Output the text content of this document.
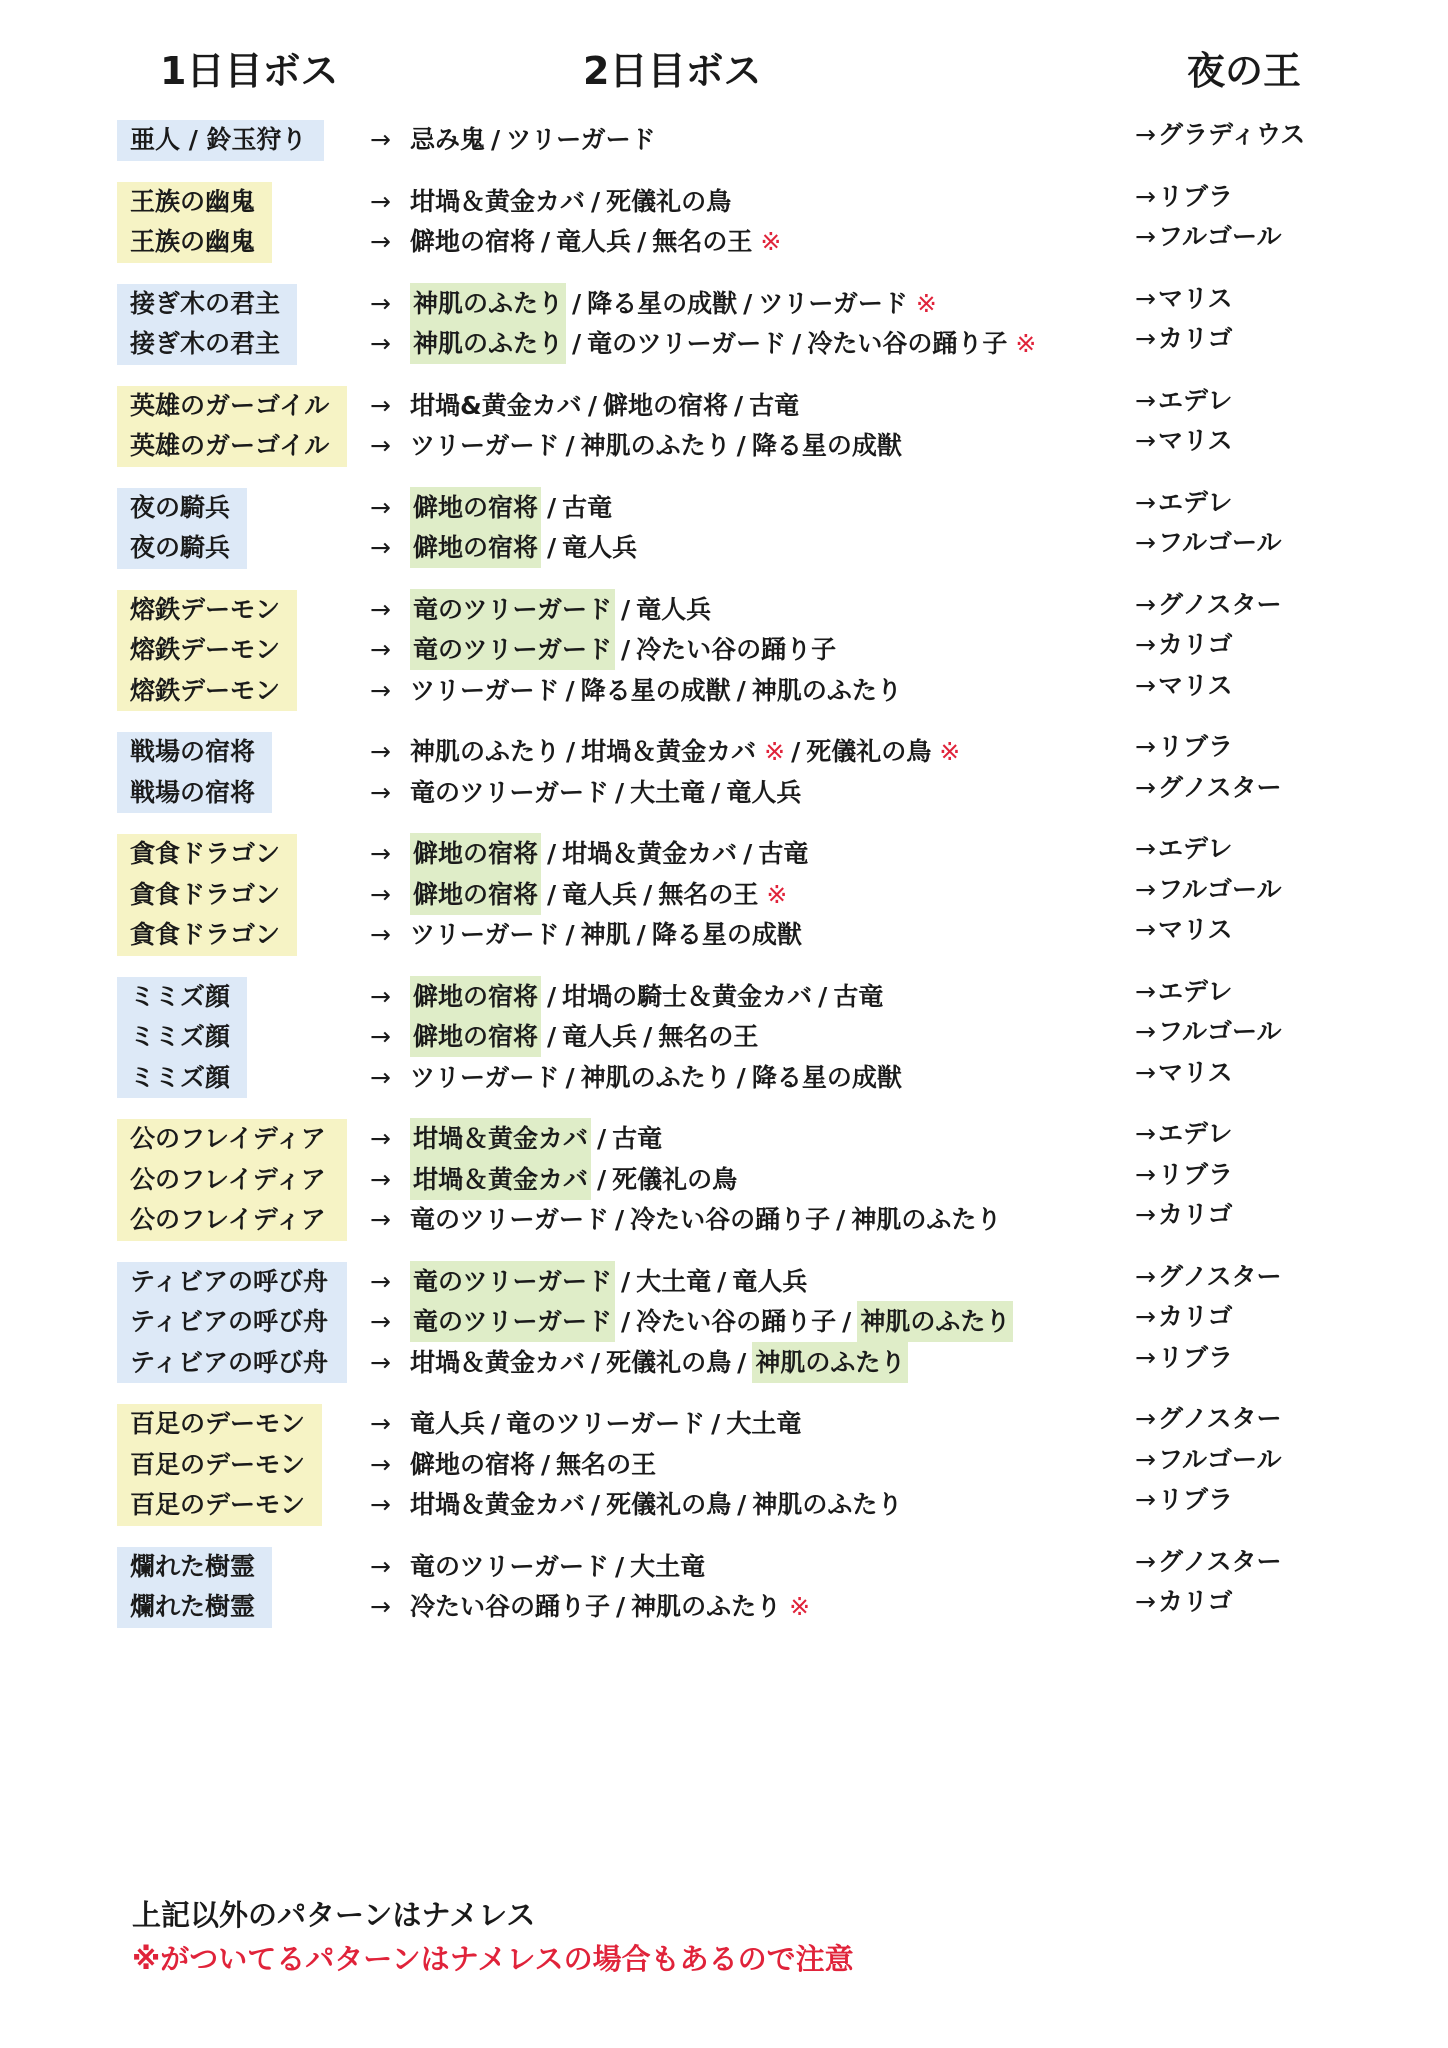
1日目ボス	2日目ボス	夜の王
亜人 / 鈴玉狩り	→ 忌み鬼 / ツリーガード	→グラディウス
王族の幽鬼	→ 坩堝＆黄金カバ / 死儀礼の鳥	→リブラ
王族の幽鬼	→ 僻地の宿将 / 竜人兵 / 無名の王 ※	→フルゴール
接ぎ木の君主	→ 神肌のふたり / 降る星の成獣 / ツリーガード ※	→マリス
接ぎ木の君主	→ 神肌のふたり / 竜のツリーガード / 冷たい谷の踊り子 ※	→カリゴ
英雄のガーゴイル → 坩堝&黄金カバ / 僻地の宿将 / 古竜	→エデレ
英雄のガーゴイル → ツリーガード / 神肌のふたり / 降る星の成獣	→マリス
夜の騎兵	→ 僻地の宿将 / 古竜	→エデレ
夜の騎兵	→ 僻地の宿将 / 竜人兵	→フルゴール
熔鉄デーモン	→ 竜のツリーガード / 竜人兵	→グノスター
熔鉄デーモン	→ 竜のツリーガード / 冷たい谷の踊り子	→カリゴ
熔鉄デーモン	→ ツリーガード / 降る星の成獣 / 神肌のふたり	→マリス
戦場の宿将	→ 神肌のふたり / 坩堝＆黄金カバ ※ / 死儀礼の鳥 ※	→リブラ
戦場の宿将	→ 竜のツリーガード / 大土竜 / 竜人兵	→グノスター
貪食ドラゴン	→ 僻地の宿将 / 坩堝＆黄金カバ / 古竜	→エデレ
貪食ドラゴン	→ 僻地の宿将 / 竜人兵 / 無名の王 ※	→フルゴール
貪食ドラゴン	→ ツリーガード / 神肌 / 降る星の成獣	→マリス
ミミズ顔	→ 僻地の宿将 / 坩堝の騎士＆黄金カバ / 古竜	→エデレ
ミミズ顔	→ 僻地の宿将 / 竜人兵 / 無名の王	→フルゴール
ミミズ顔	→ ツリーガード / 神肌のふたり / 降る星の成獣	→マリス
公のフレイディア → 坩堝＆黄金カバ / 古竜	→エデレ
公のフレイディア → 坩堝＆黄金カバ / 死儀礼の鳥	→リブラ
公のフレイディア → 竜のツリーガード / 冷たい谷の踊り子 / 神肌のふたり	→カリゴ
ティビアの呼び舟 → 竜のツリーガード / 大土竜 / 竜人兵	→グノスター
ティビアの呼び舟 → 竜のツリーガード / 冷たい谷の踊り子 / 神肌のふたり	→カリゴ
ティビアの呼び舟 → 坩堝＆黄金カバ / 死儀礼の鳥 / 神肌のふたり	→リブラ
百足のデーモン	→ 竜人兵 / 竜のツリーガード / 大土竜	→グノスター
百足のデーモン	→ 僻地の宿将 / 無名の王	→フルゴール
百足のデーモン	→ 坩堝＆黄金カバ / 死儀礼の鳥 / 神肌のふたり	→リブラ
爛れた樹霊	→ 竜のツリーガード / 大土竜	→グノスター
爛れた樹霊	→ 冷たい谷の踊り子 / 神肌のふたり ※	→カリゴ
上記以外のパターンはナメレス
※がついてるパターンはナメレスの場合もあるので注意
